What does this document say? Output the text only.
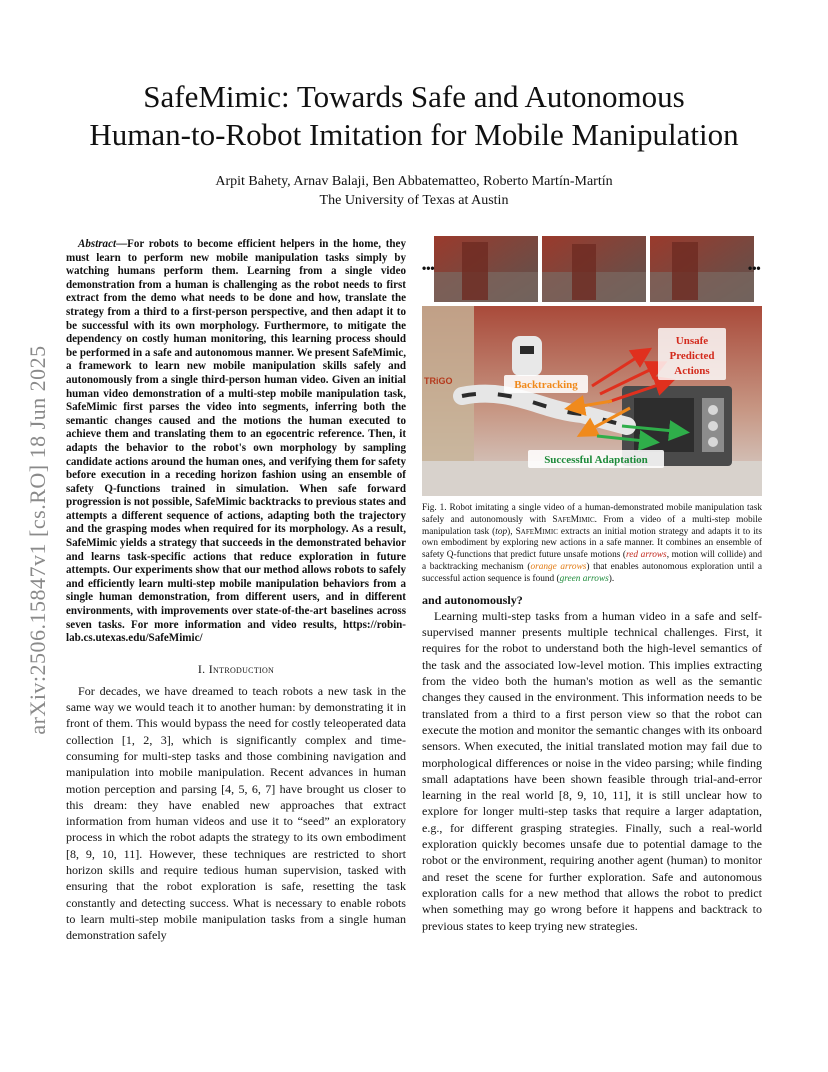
arXiv:2506.15847v1 [cs.RO] 18 Jun 2025
SafeMimic: Towards Safe and Autonomous
Human-to-Robot Imitation for Mobile Manipulation
Arpit Bahety, Arnav Balaji, Ben Abbatematteo, Roberto Martín-Martín
The University of Texas at Austin

Abstract—For robots to become efficient helpers in the home, they must learn to perform new mobile manipulation tasks simply by watching humans perform them. Learning from a single video demonstration from a human is challenging as the robot needs to first extract from the demo what needs to be done and how, translate the strategy from a third to a first-person perspective, and then adapt it to be successful with its own morphology. Furthermore, to mitigate the dependency on costly human monitoring, this learning process should be performed in a safe and autonomous manner. We present SafeMimic, a framework to learn new mobile manipulation skills safely and autonomously from a single third-person human video. Given an initial human video demonstration of a multi-step mobile manipulation task, SafeMimic first parses the video into segments, inferring both the semantic changes caused and the motions the human executed to achieve them and translating them to an egocentric reference. Then, it adapts the behavior to the robot's own morphology by sampling candidate actions around the human ones, and verifying them for safety before execution in a receding horizon fashion using an ensemble of safety Q-functions trained in simulation. When safe forward progression is not possible, SafeMimic backtracks to previous states and attempts a different sequence of actions, adapting both the trajectory and the grasping modes when required for its morphology. As a result, SafeMimic yields a strategy that succeeds in the demonstrated behavior and learns task-specific actions that reduce exploration in future attempts. Our experiments show that our method allows robots to safely and efficiently learn multi-step mobile manipulation behaviors from a single human demonstration, from different users, and in different environments, with improvements over state-of-the-art baselines across seven tasks. For more information and video results, https://robin-lab.cs.utexas.edu/SafeMimic/

I. Introduction

For decades, we have dreamed to teach robots a new task in the same way we would teach it to another human: by demonstrating it in front of them. This would bypass the need for costly teleoperated data collection [1, 2, 3], which is significantly complex and time-consuming for multi-step tasks and those combining navigation and manipulation into mobile manipulation. Recent advances in human motion perception and parsing [4, 5, 6, 7] have brought us closer to this dream: they have enabled new approaches that extract information from human videos and use it to “seed” an exploratory process in which the robot adapts the strategy to its own embodiment [8, 9, 10, 11]. However, these techniques are restricted to short horizon skills and require tedious human supervision, tasked with ensuring that the robot exploration is safe, resetting the task constantly and detecting success. What is necessary to enable robots to learn multi-step mobile manipulation tasks from a single human demonstration safely

•••	•••
TRiGO	Backtracking
Unsafe
Predicted
Actions
Successful Adaptation

Fig. 1. Robot imitating a single video of a human-demonstrated mobile manipulation task safely and autonomously with SafeMimic. From a video of a multi-step mobile manipulation task (top), SafeMimic extracts an initial motion strategy and adapts it to its own embodiment by exploring new actions in a safe manner. It combines an ensemble of safety Q-functions that predict future unsafe motions (red arrows, motion will collide) and a backtracking mechanism (orange arrows) that enables autonomous exploration until a successful action sequence is found (green arrows).

and autonomously?

Learning multi-step tasks from a human video in a safe and self-supervised manner presents multiple technical challenges. First, it requires for the robot to understand both the high-level semantics of the task and the associated low-level motion. This implies extracting from the video both the human's motion as well as the semantic changes they caused in the environment. This information needs to be translated from a third to a first person view so that the robot can execute the motion and monitor the semantic changes with its onboard sensors. When executed, the initial translated motion may fail due to morphological differences or noise in the video parsing; while finding small adaptations have been shown feasible through trial-and-error learning in the real world [8, 9, 10, 11], it is still unclear how to explore for longer multi-step tasks that require a larger adaptation, e.g., for different grasping strategies. Finally, such a real-world exploration quickly becomes unsafe due to potential damage to the robot or the environment, requiring another agent (human) to monitor and reset the scene for further exploration. Safe and autonomous exploration calls for a new method that allows the robot to predict when something may go wrong before it happens and backtrack to previous states to keep trying new strategies.
